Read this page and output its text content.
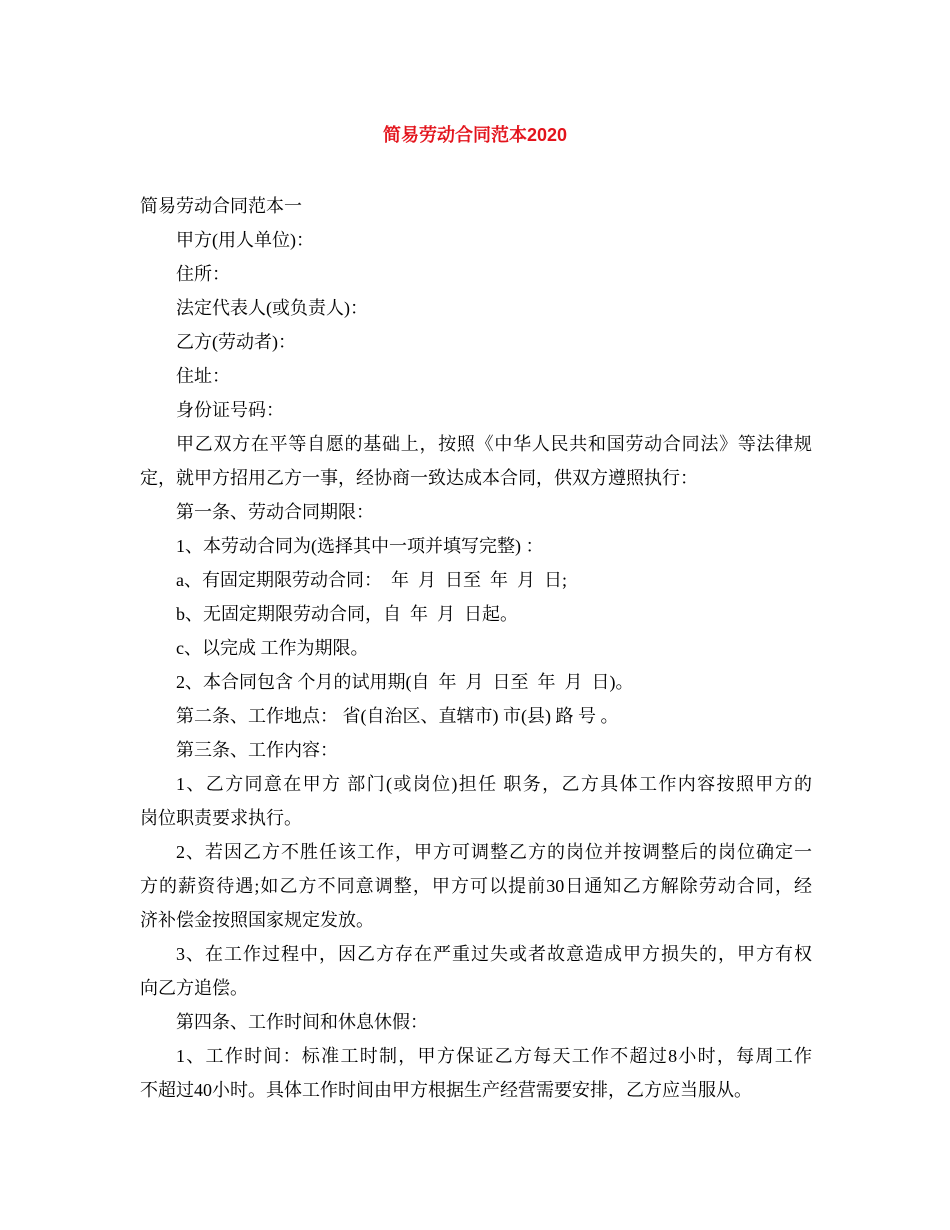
简易劳动合同范本2020
简易劳动合同范本一
甲方(用人单位)：
住所：
法定代表人(或负责人)：
乙方(劳动者)：
住址：
身份证号码：
甲乙双方在平等自愿的基础上，按照《中华人民共和国劳动合同法》等法律规
定，就甲方招用乙方一事，经协商一致达成本合同，供双方遵照执行：
第一条、劳动合同期限：
1、本劳动合同为(选择其中一项并填写完整) ：
a、有固定期限劳动合同：  年  月  日至  年  月  日;
b、无固定期限劳动合同，自  年  月  日起。
c、以完成 工作为期限。
2、本合同包含 个月的试用期(自  年  月  日至  年  月  日)。
第二条、工作地点： 省(自治区、直辖市) 市(县) 路 号 。
第三条、工作内容：
1、乙方同意在甲方 部门(或岗位)担任 职务，乙方具体工作内容按照甲方的
岗位职责要求执行。
2、若因乙方不胜任该工作，甲方可调整乙方的岗位并按调整后的岗位确定一
方的薪资待遇;如乙方不同意调整，甲方可以提前30日通知乙方解除劳动合同，经
济补偿金按照国家规定发放。
3、在工作过程中，因乙方存在严重过失或者故意造成甲方损失的，甲方有权
向乙方追偿。
第四条、工作时间和休息休假：
1、工作时间：标准工时制，甲方保证乙方每天工作不超过8小时，每周工作
不超过40小时。具体工作时间由甲方根据生产经营需要安排，乙方应当服从。
